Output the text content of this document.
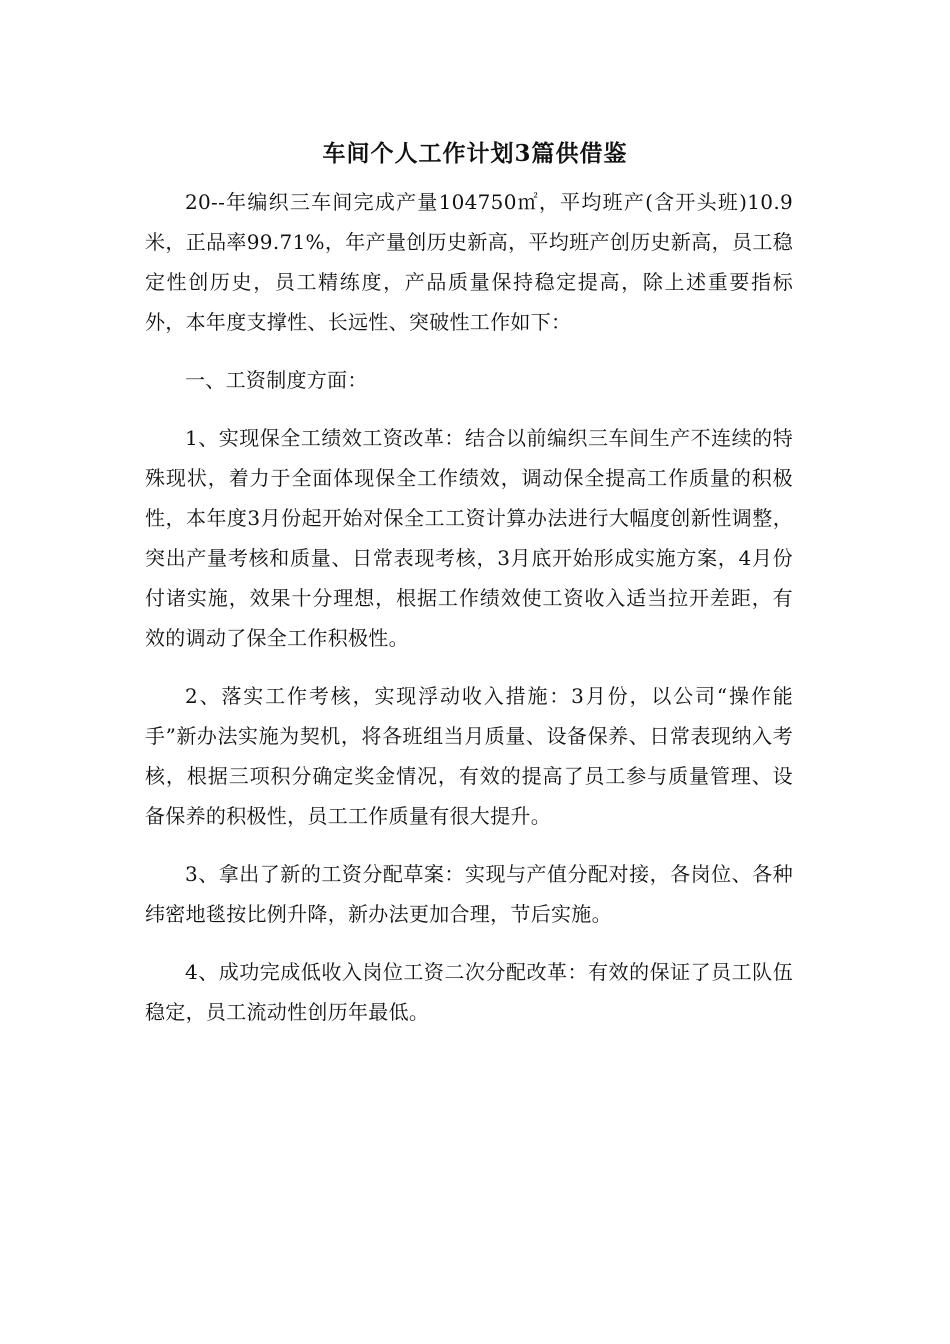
车间个人工作计划3篇供借鉴

20--年编织三车间完成产量104750㎡，平均班产(含开头班)10.9米，正品率99.71%，年产量创历史新高，平均班产创历史新高，员工稳定性创历史，员工精练度，产品质量保持稳定提高，除上述重要指标外，本年度支撑性、长远性、突破性工作如下：

一、工资制度方面：

1、实现保全工绩效工资改革：结合以前编织三车间生产不连续的特殊现状，着力于全面体现保全工作绩效，调动保全提高工作质量的积极性，本年度3月份起开始对保全工工资计算办法进行大幅度创新性调整，突出产量考核和质量、日常表现考核，3月底开始形成实施方案，4月份付诸实施，效果十分理想，根据工作绩效使工资收入适当拉开差距，有效的调动了保全工作积极性。

2、落实工作考核，实现浮动收入措施：3月份，以公司“操作能手”新办法实施为契机，将各班组当月质量、设备保养、日常表现纳入考核，根据三项积分确定奖金情况，有效的提高了员工参与质量管理、设备保养的积极性，员工工作质量有很大提升。

3、拿出了新的工资分配草案：实现与产值分配对接，各岗位、各种纬密地毯按比例升降，新办法更加合理，节后实施。

4、成功完成低收入岗位工资二次分配改革：有效的保证了员工队伍稳定，员工流动性创历年最低。
